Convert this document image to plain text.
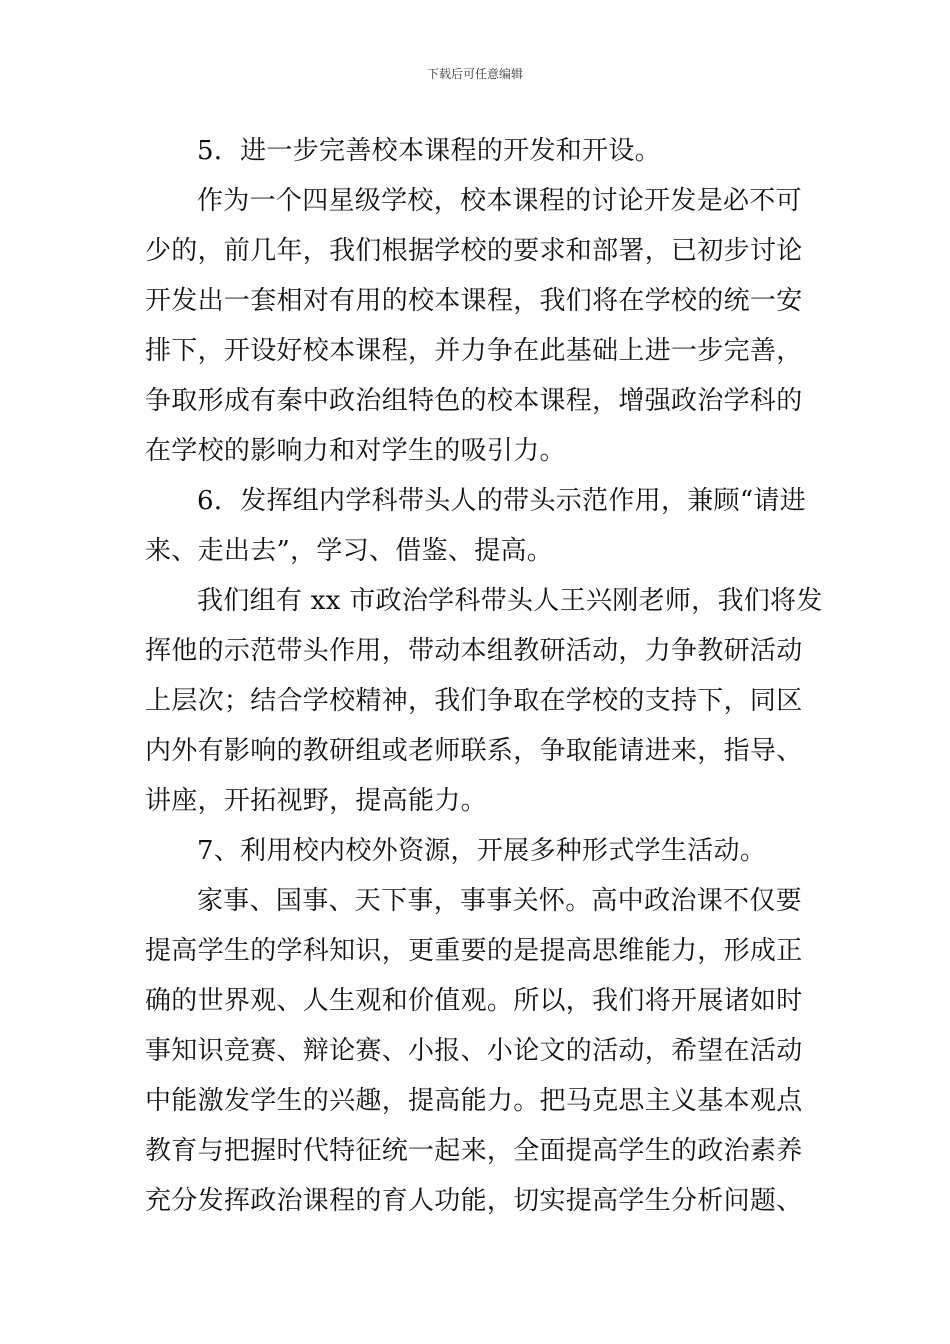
下载后可任意编辑
5．进一步完善校本课程的开发和开设。
作为一个四星级学校，校本课程的讨论开发是必不可
少的，前几年，我们根据学校的要求和部署，已初步讨论
开发出一套相对有用的校本课程，我们将在学校的统一安
排下，开设好校本课程，并力争在此基础上进一步完善，
争取形成有秦中政治组特色的校本课程，增强政治学科的
在学校的影响力和对学生的吸引力。
6．发挥组内学科带头人的带头示范作用，兼顾“请进
来、走出去”，学习、借鉴、提高。
我们组有 xx 市政治学科带头人王兴刚老师，我们将发
挥他的示范带头作用，带动本组教研活动，力争教研活动
上层次；结合学校精神，我们争取在学校的支持下，同区
内外有影响的教研组或老师联系，争取能请进来，指导、
讲座，开拓视野，提高能力。
7、利用校内校外资源，开展多种形式学生活动。
家事、国事、天下事，事事关怀。高中政治课不仅要
提高学生的学科知识，更重要的是提高思维能力，形成正
确的世界观、人生观和价值观。所以，我们将开展诸如时
事知识竞赛、辩论赛、小报、小论文的活动，希望在活动
中能激发学生的兴趣，提高能力。把马克思主义基本观点
教育与把握时代特征统一起来，全面提高学生的政治素养
充分发挥政治课程的育人功能，切实提高学生分析问题、
